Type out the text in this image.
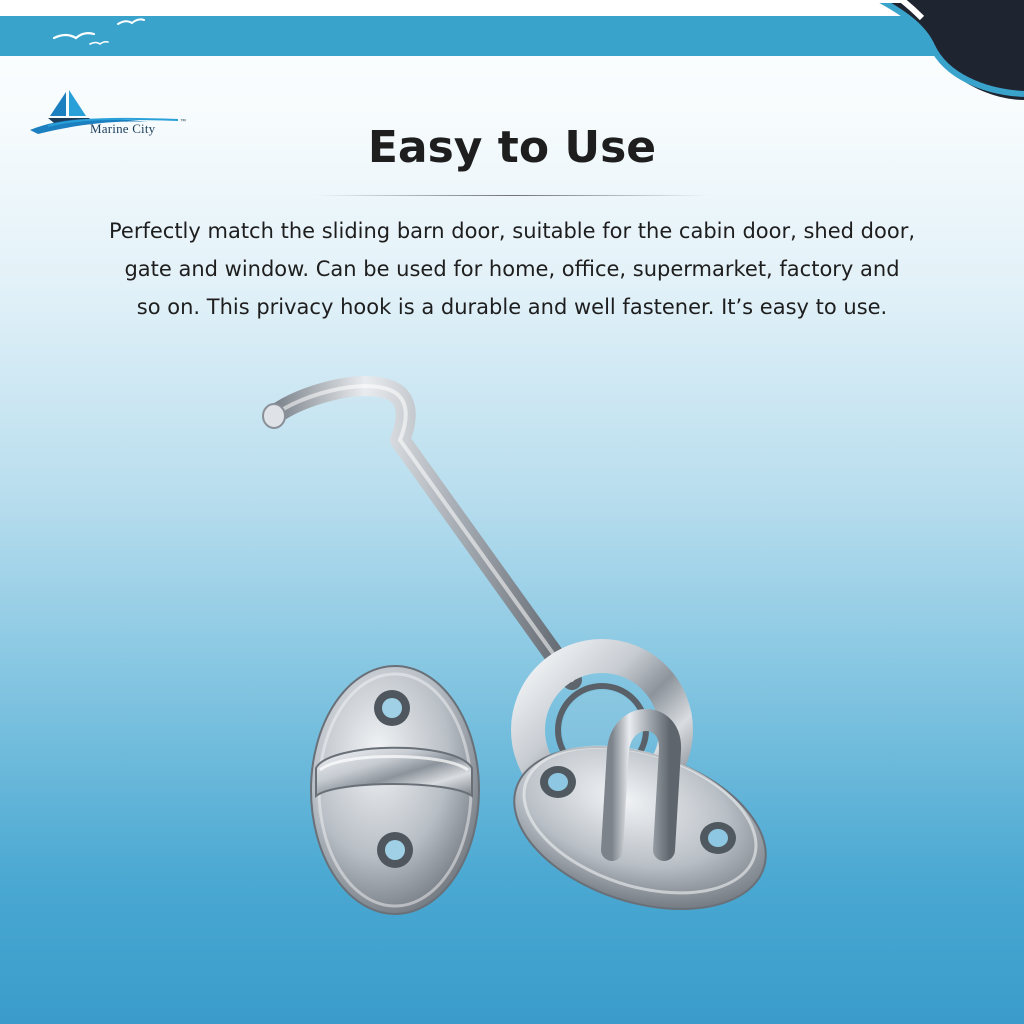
Marine City	™	Easy to Use

Perfectly match the sliding barn door, suitable for the cabin door, shed door,
gate and window. Can be used for home, office, supermarket, factory and
so on. This privacy hook is a durable and well fastener. It’s easy to use.
